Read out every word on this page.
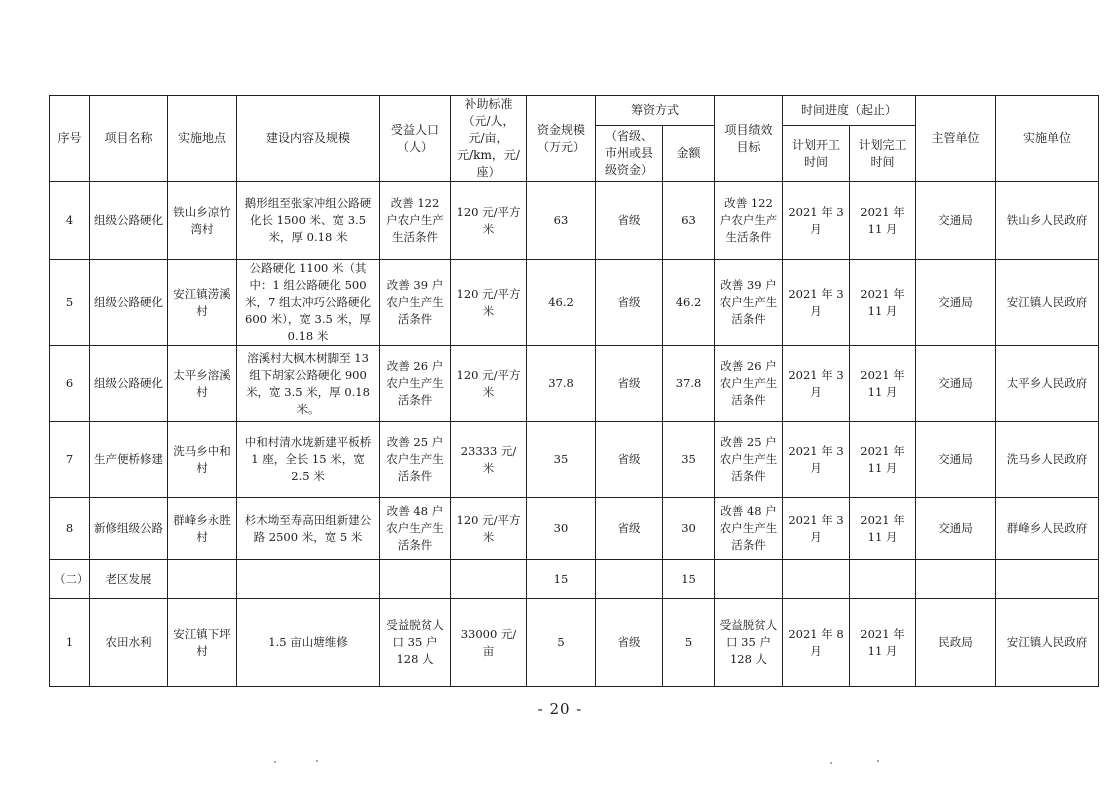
序号	项目名称	实施地点	建设内容及规模	受益人口（人）	补助标准（元/人，元/亩，元/km，元/座）	资金规模（万元）	筹资方式		项目绩效目标	时间进度（起止）		主管单位	实施单位
							（省级、市州或县级资金）	金额		计划开工时间	计划完工时间		
4	组级公路硬化	铁山乡凉竹湾村	鹅形组至张家冲组公路硬化长 1500 米、宽 3.5 米，厚 0.18 米	改善 122 户农户生产生活条件	120 元/平方米	63	省级	63	改善 122 户农户生产生活条件	2021 年 3 月	2021 年 11 月	交通局	铁山乡人民政府
5	组级公路硬化	安江镇涝溪村	公路硬化 1100 米（其中：1 组公路硬化 500 米，7 组太冲巧公路硬化 600 米），宽 3.5 米，厚 0.18 米	改善 39 户农户生产生活条件	120 元/平方米	46.2	省级	46.2	改善 39 户农户生产生活条件	2021 年 3 月	2021 年 11 月	交通局	安江镇人民政府
6	组级公路硬化	太平乡溶溪村	溶溪村大枫木树脚至 13 组下胡家公路硬化 900 米，宽 3.5 米，厚 0.18 米。	改善 26 户农户生产生活条件	120 元/平方米	37.8	省级	37.8	改善 26 户农户生产生活条件	2021 年 3 月	2021 年 11 月	交通局	太平乡人民政府
7	生产便桥修建	洗马乡中和村	中和村清水垅新建平板桥 1 座，全长 15 米，宽 2.5 米	改善 25 户农户生产生活条件	23333 元/米	35	省级	35	改善 25 户农户生产生活条件	2021 年 3 月	2021 年 11 月	交通局	洗马乡人民政府
8	新修组级公路	群峰乡永胜村	杉木坳至寿高田组新建公路 2500 米，宽 5 米	改善 48 户农户生产生活条件	120 元/平方米	30	省级	30	改善 48 户农户生产生活条件	2021 年 3 月	2021 年 11 月	交通局	群峰乡人民政府
（二）	老区发展					15		15					
1	农田水利	安江镇下坪村	1.5 亩山塘维修	受益脱贫人口 35 户 128 人	33000 元/亩	5	省级	5	受益脱贫人口 35 户 128 人	2021 年 8 月	2021 年 11 月	民政局	安江镇人民政府
- 20 -
